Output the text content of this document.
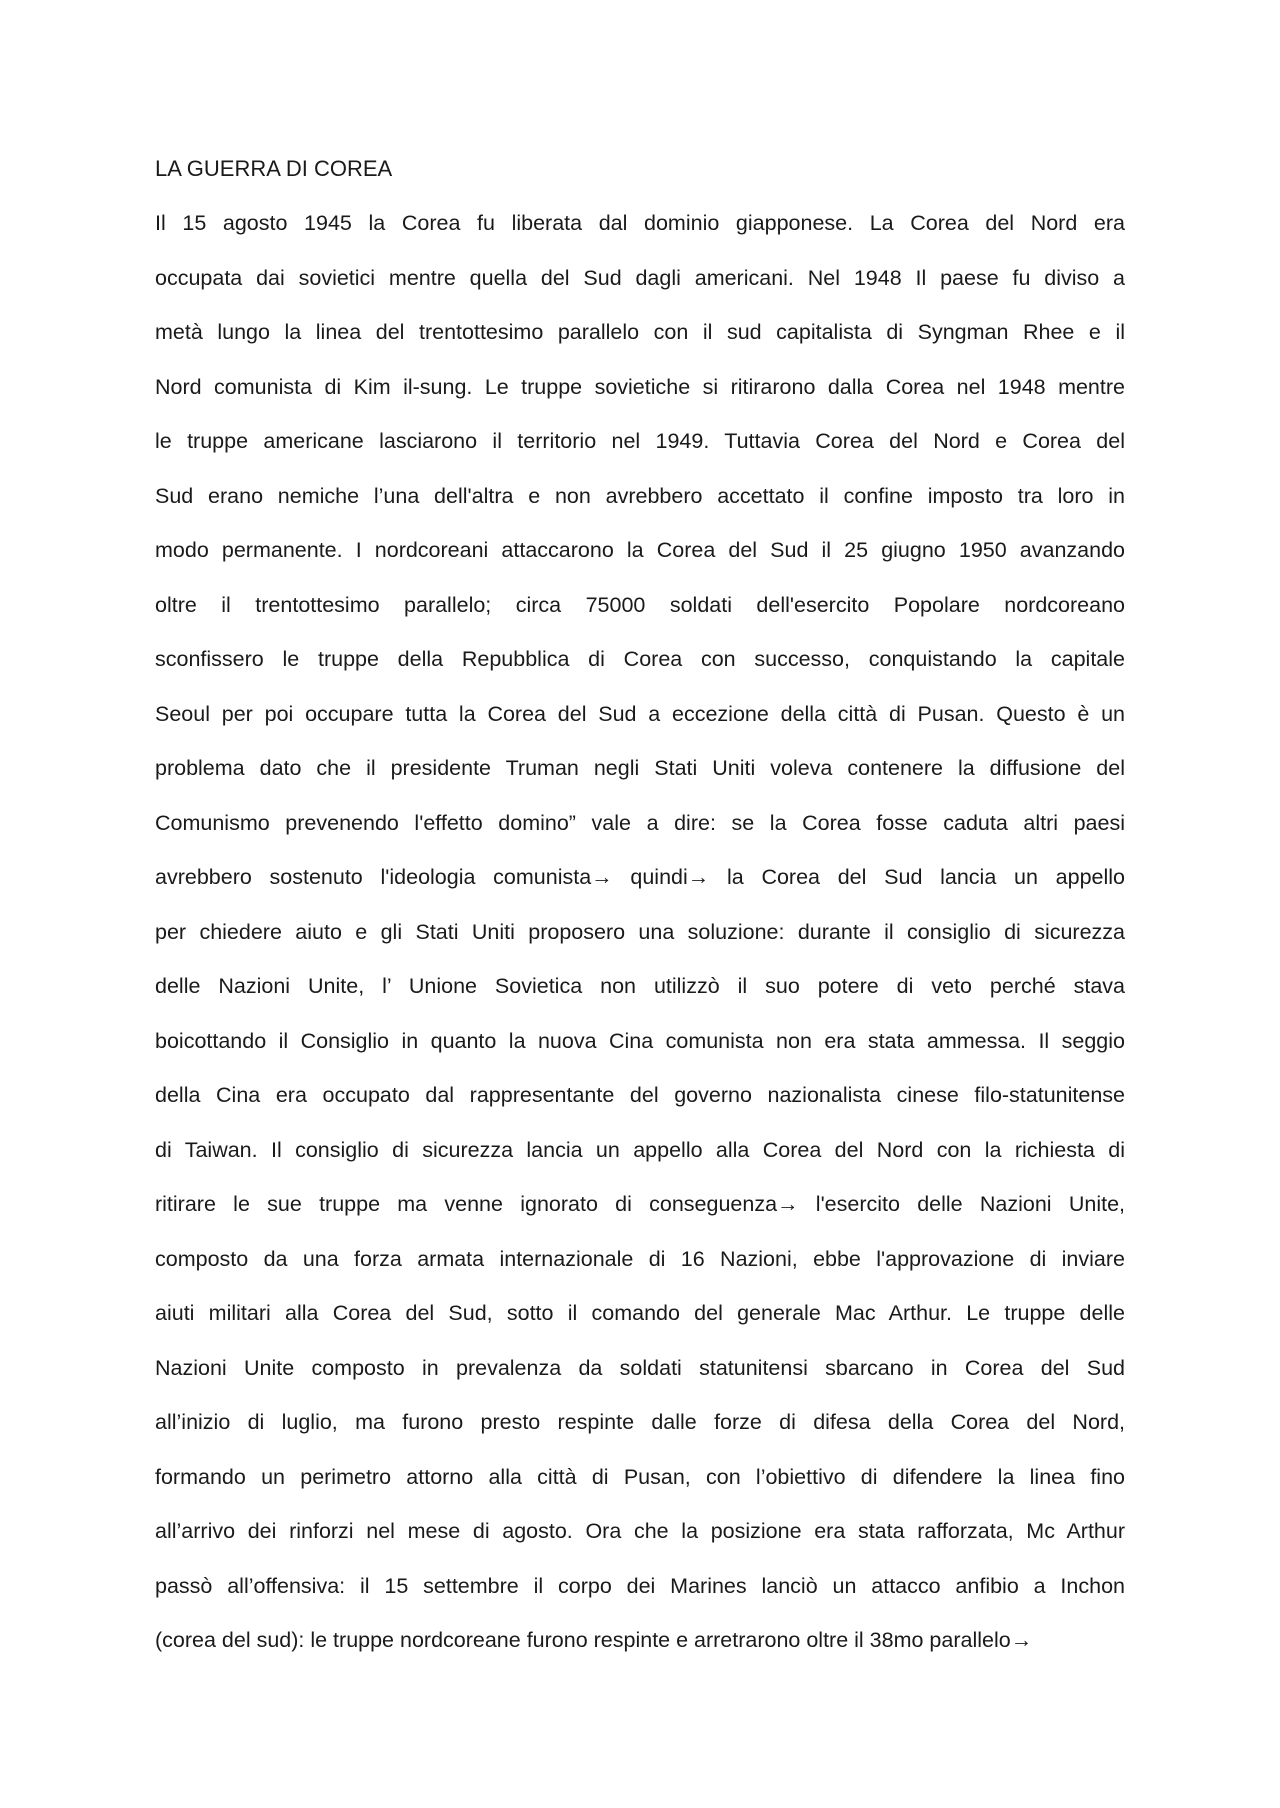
LA GUERRA DI COREA
Il 15 agosto 1945 la Corea fu liberata dal dominio giapponese. La Corea del Nord era
occupata dai sovietici mentre quella del Sud dagli americani. Nel 1948 Il paese fu diviso a
metà lungo la linea del trentottesimo parallelo con il sud capitalista di Syngman Rhee e il
Nord comunista di Kim il-sung. Le truppe sovietiche si ritirarono dalla Corea nel 1948 mentre
le truppe americane lasciarono il territorio nel 1949. Tuttavia Corea del Nord e Corea del
Sud erano nemiche l’una dell'altra e non avrebbero accettato il confine imposto tra loro in
modo permanente. I nordcoreani attaccarono la Corea del Sud il 25 giugno 1950 avanzando
oltre il trentottesimo parallelo; circa 75000 soldati dell'esercito Popolare nordcoreano
sconfissero le truppe della Repubblica di Corea con successo, conquistando la capitale
Seoul per poi occupare tutta la Corea del Sud a eccezione della città di Pusan. Questo è un
problema dato che il presidente Truman negli Stati Uniti voleva contenere la diffusione del
Comunismo prevenendo l'effetto domino” vale a dire: se la Corea fosse caduta altri paesi
avrebbero sostenuto l'ideologia comunista→ quindi→ la Corea del Sud lancia un appello
per chiedere aiuto e gli Stati Uniti proposero una soluzione: durante il consiglio di sicurezza
delle Nazioni Unite, l’ Unione Sovietica non utilizzò il suo potere di veto perché stava
boicottando il Consiglio in quanto la nuova Cina comunista non era stata ammessa. Il seggio
della Cina era occupato dal rappresentante del governo nazionalista cinese filo-statunitense
di Taiwan. Il consiglio di sicurezza lancia un appello alla Corea del Nord con la richiesta di
ritirare le sue truppe ma venne ignorato di conseguenza→ l'esercito delle Nazioni Unite,
composto da una forza armata internazionale di 16 Nazioni, ebbe l'approvazione di inviare
aiuti militari alla Corea del Sud, sotto il comando del generale Mac Arthur. Le truppe delle
Nazioni Unite composto in prevalenza da soldati statunitensi sbarcano in Corea del Sud
all’inizio di luglio, ma furono presto respinte dalle forze di difesa della Corea del Nord,
formando un perimetro attorno alla città di Pusan, con l’obiettivo di difendere la linea fino
all’arrivo dei rinforzi nel mese di agosto. Ora che la posizione era stata rafforzata, Mc Arthur
passò all’offensiva: il 15 settembre il corpo dei Marines lanciò un attacco anfibio a Inchon
(corea del sud): le truppe nordcoreane furono respinte e arretrarono oltre il 38mo parallelo→
